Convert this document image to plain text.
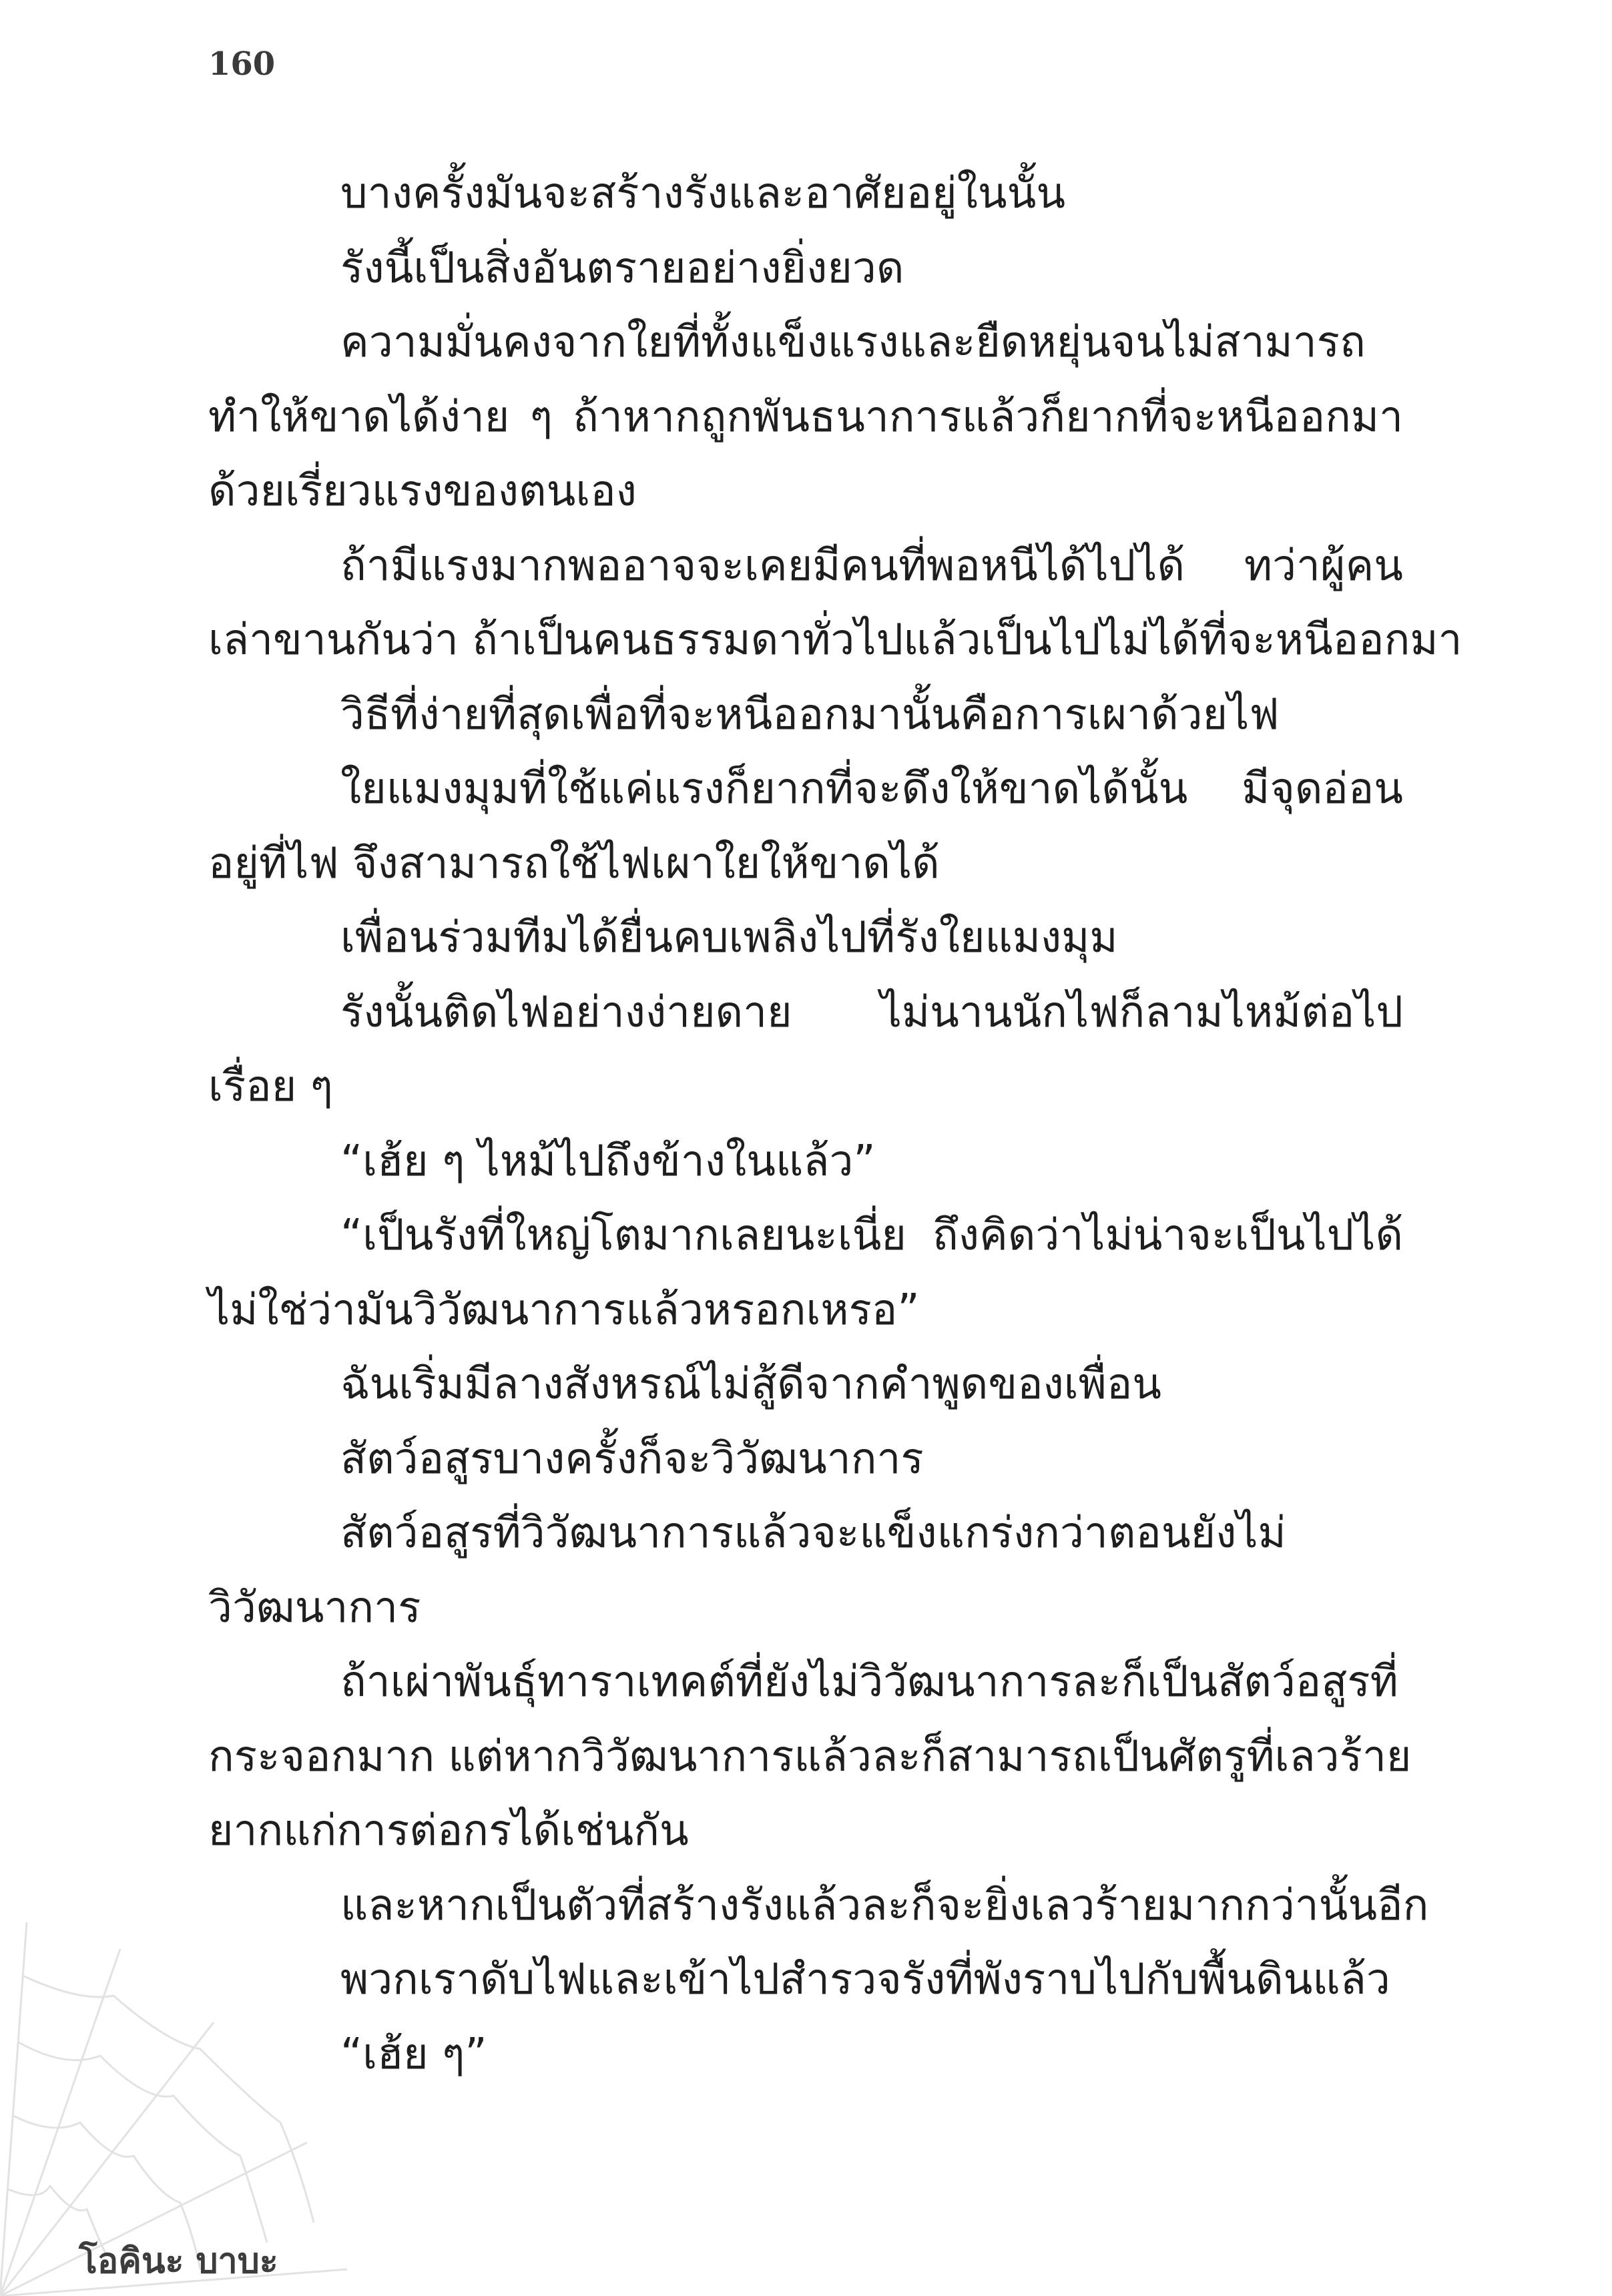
160
บางครั้งมันจะสร้างรังและอาศัยอยู่ในนั้น
รังนี้เป็นสิ่งอันตรายอย่างยิ่งยวด
ความมั่นคงจากใยที่ทั้งแข็งแรงและยืดหยุ่นจนไม่สามารถ
ทำให้ขาดได้ง่าย ๆ ถ้าหากถูกพันธนาการแล้วก็ยากที่จะหนีออกมา
ด้วยเรี่ยวแรงของตนเอง
ถ้ามีแรงมากพออาจจะเคยมีคนที่พอหนีได้ไปได้ ทว่าผู้คน
เล่าขานกันว่า ถ้าเป็นคนธรรมดาทั่วไปแล้วเป็นไปไม่ได้ที่จะหนีออกมา
วิธีที่ง่ายที่สุดเพื่อที่จะหนีออกมานั้นคือการเผาด้วยไฟ
ใยแมงมุมที่ใช้แค่แรงก็ยากที่จะดึงให้ขาดได้นั้น มีจุดอ่อน
อยู่ที่ไฟ จึงสามารถใช้ไฟเผาใยให้ขาดได้
เพื่อนร่วมทีมได้ยื่นคบเพลิงไปที่รังใยแมงมุม
รังนั้นติดไฟอย่างง่ายดาย ไม่นานนักไฟก็ลามไหม้ต่อไป
เรื่อย ๆ
“เฮ้ย ๆ ไหม้ไปถึงข้างในแล้ว”
“เป็นรังที่ใหญ่โตมากเลยนะเนี่ย ถึงคิดว่าไม่น่าจะเป็นไปได้
ไม่ใช่ว่ามันวิวัฒนาการแล้วหรอกเหรอ”
ฉันเริ่มมีลางสังหรณ์ไม่สู้ดีจากคำพูดของเพื่อน
สัตว์อสูรบางครั้งก็จะวิวัฒนาการ
สัตว์อสูรที่วิวัฒนาการแล้วจะแข็งแกร่งกว่าตอนยังไม่
วิวัฒนาการ
ถ้าเผ่าพันธุ์ทาราเทคต์ที่ยังไม่วิวัฒนาการละก็เป็นสัตว์อสูรที่
กระจอกมาก แต่หากวิวัฒนาการแล้วละก็สามารถเป็นศัตรูที่เลวร้าย
ยากแก่การต่อกรได้เช่นกัน
และหากเป็นตัวที่สร้างรังแล้วละก็จะยิ่งเลวร้ายมากกว่านั้นอีก
พวกเราดับไฟและเข้าไปสำรวจรังที่พังราบไปกับพื้นดินแล้ว
“เฮ้ย ๆ”
โอคินะ บาบะ
